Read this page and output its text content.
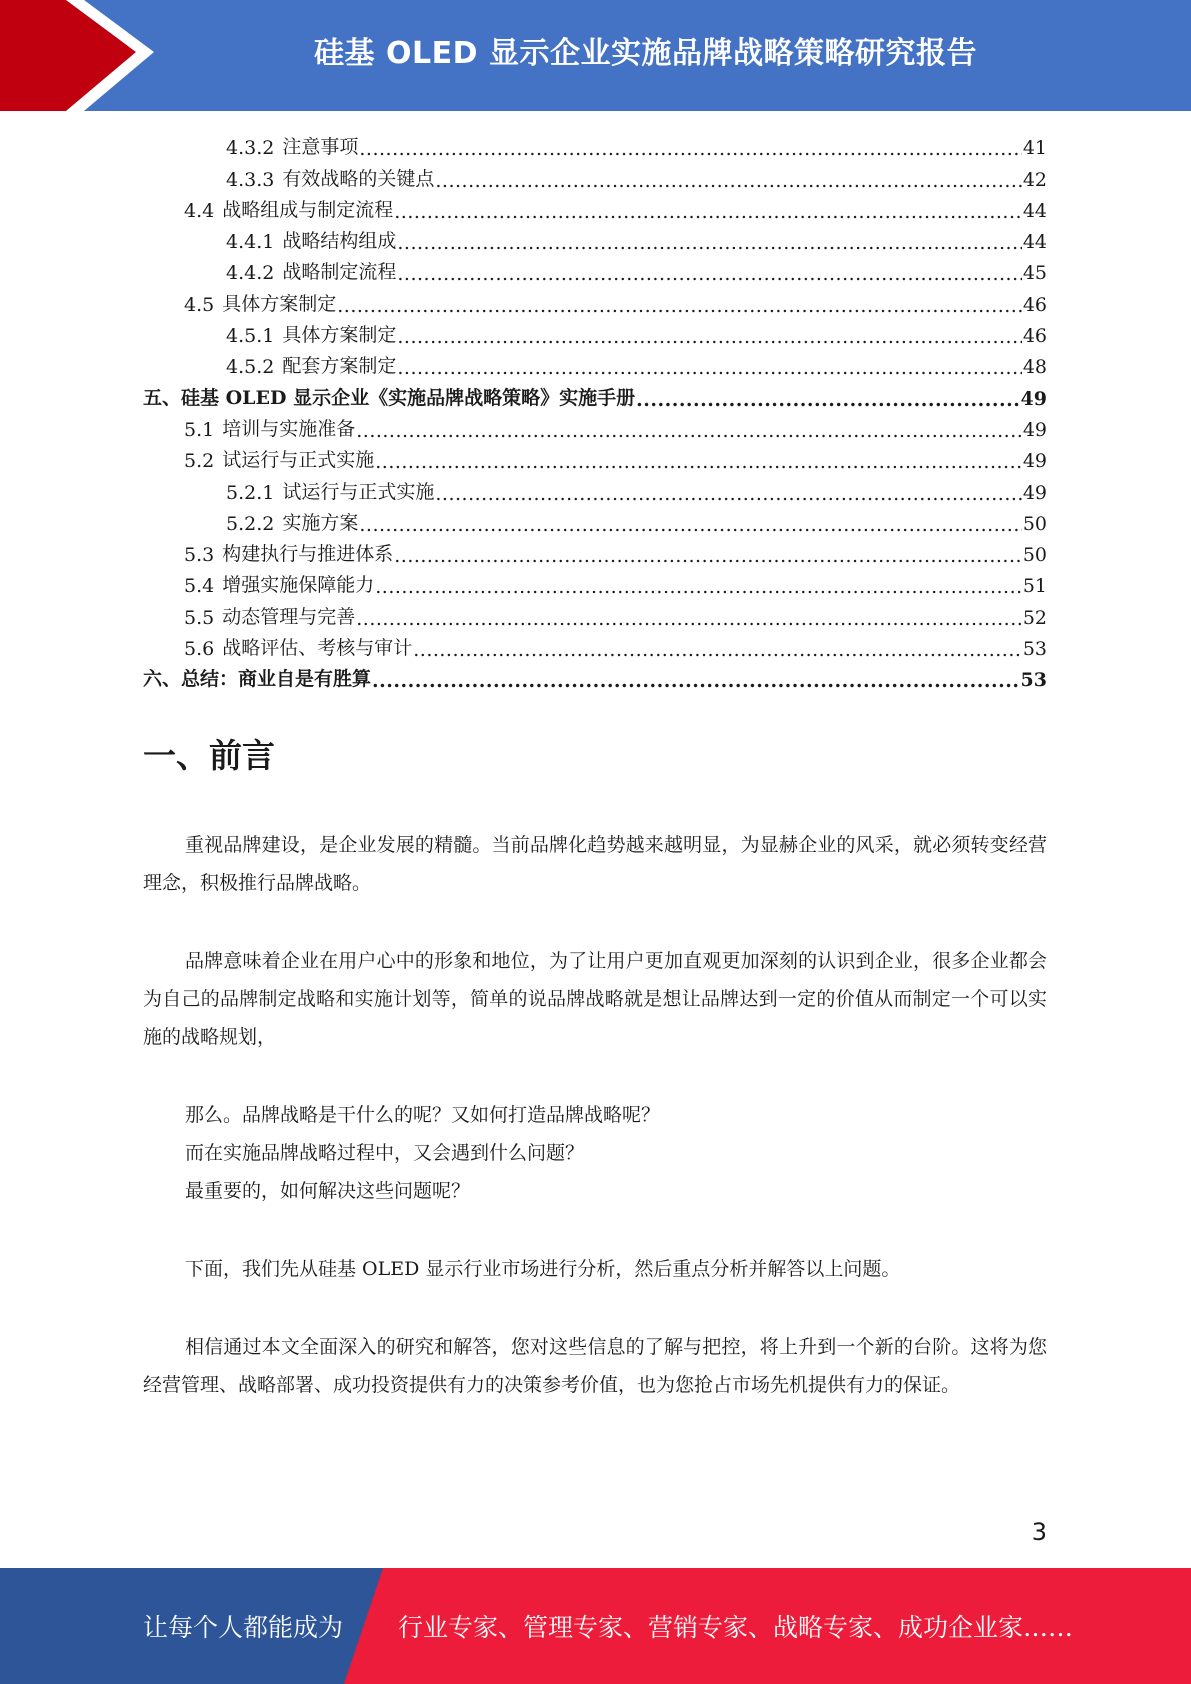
硅基 OLED 显示企业实施品牌战略策略研究报告
4.3.2 注意事项 .....	41
4.3.3 有效战略的关键点 .....	42
4.4 战略组成与制定流程 .....	44
4.4.1 战略结构组成 .....	44
4.4.2 战略制定流程 .....	45
4.5 具体方案制定 .....	46
4.5.1 具体方案制定 .....	46
4.5.2 配套方案制定 .....	48
五、 硅基 OLED 显示企业《实施品牌战略策略》实施手册 .....	49
5.1 培训与实施准备 .....	49
5.2 试运行与正式实施 .....	49
5.2.1 试运行与正式实施 .....	49
5.2.2 实施方案 .....	50
5.3 构建执行与推进体系 .....	50
5.4 增强实施保障能力 .....	51
5.5 动态管理与完善 .....	52
5.6 战略评估、考核与审计 .....	53
六、 总结：商业自是有胜算 .....	53
一、前言

重视品牌建设，是企业发展的精髓。当前品牌化趋势越来越明显，为显赫企业的风采，就必须转变经营理念，积极推行品牌战略。

品牌意味着企业在用户心中的形象和地位，为了让用户更加直观更加深刻的认识到企业，很多企业都会为自己的品牌制定战略和实施计划等，简单的说品牌战略就是想让品牌达到一定的价值从而制定一个可以实施的战略规划，

那么。品牌战略是干什么的呢？又如何打造品牌战略呢？
而在实施品牌战略过程中，又会遇到什么问题？
最重要的，如何解决这些问题呢？

下面，我们先从硅基 OLED 显示行业市场进行分析，然后重点分析并解答以上问题。

相信通过本文全面深入的研究和解答，您对这些信息的了解与把控，将上升到一个新的台阶。这将为您经营管理、战略部署、成功投资提供有力的决策参考价值，也为您抢占市场先机提供有力的保证。

3
让每个人都能成为 行业专家、管理专家、营销专家、战略专家、成功企业家……
